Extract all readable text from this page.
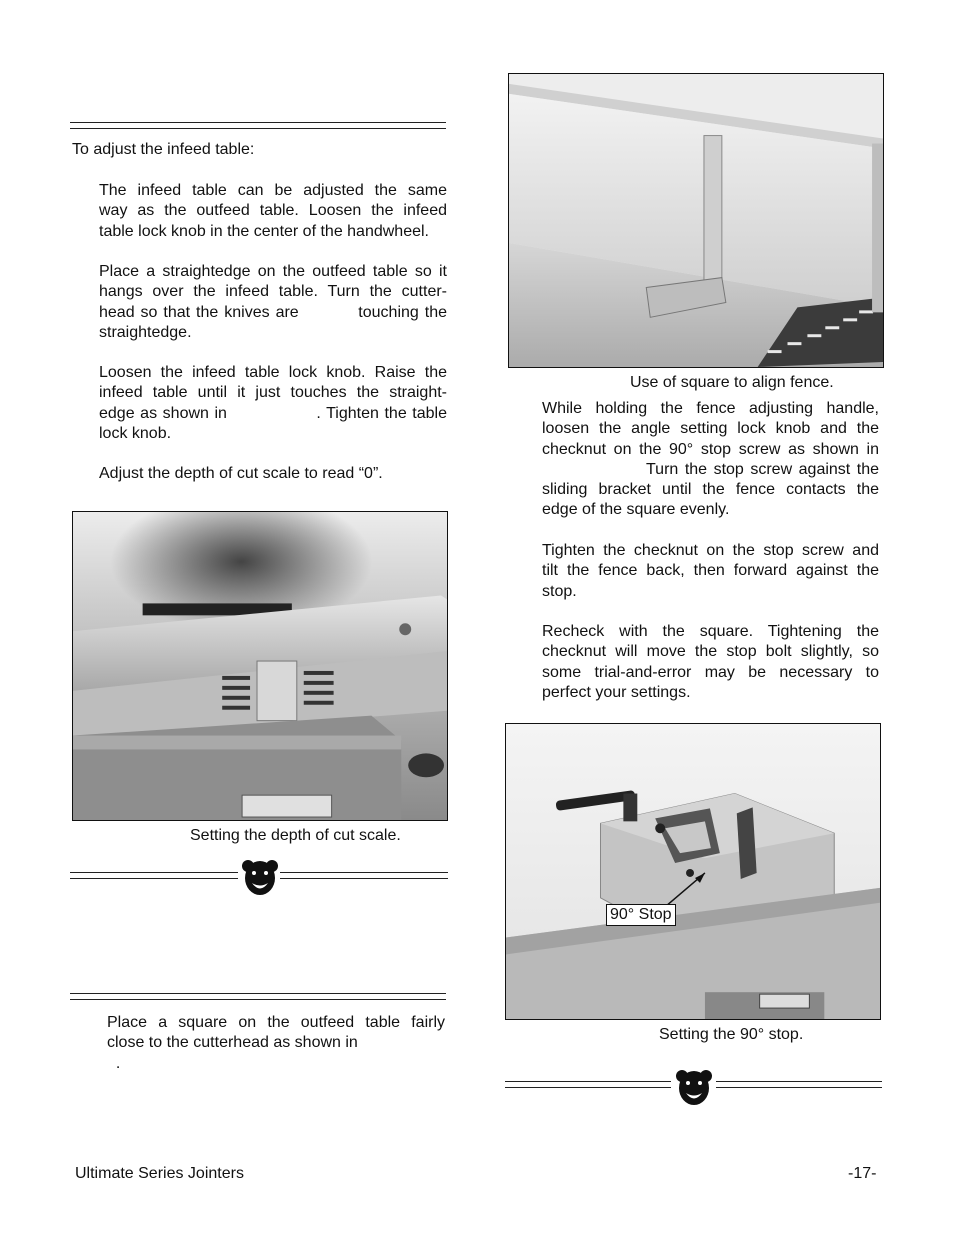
To adjust the infeed table:
The infeed table can be adjusted the same
way as the outfeed table. Loosen the infeed
table lock knob in the center of the handwheel.
Place a straightedge on the outfeed table so it
hangs over the infeed table. Turn the cutter-
head so that the knives are          touching the
straightedge.
Loosen the infeed table lock knob. Raise the
infeed table until it just touches the straight-
edge as shown in                . Tighten the table
lock knob.
Adjust the depth of cut scale to read “0”.
Setting the depth of cut scale.
Place a square on the outfeed table fairly
close to the cutterhead as shown in
.
Use of square to align fence.
While holding the fence adjusting handle,
loosen the angle setting lock knob and the
checknut on the 90° stop screw as shown in
Turn the stop screw against the
sliding bracket until the fence contacts the
edge of the square evenly.
Tighten the checknut on the stop screw and
tilt the fence back, then forward against the
stop.
Recheck with the square. Tightening the
checknut will move the stop bolt slightly, so
some trial-and-error may be necessary to
perfect your settings.
90° Stop
Setting the 90° stop.
Ultimate Series Jointers	-17-
